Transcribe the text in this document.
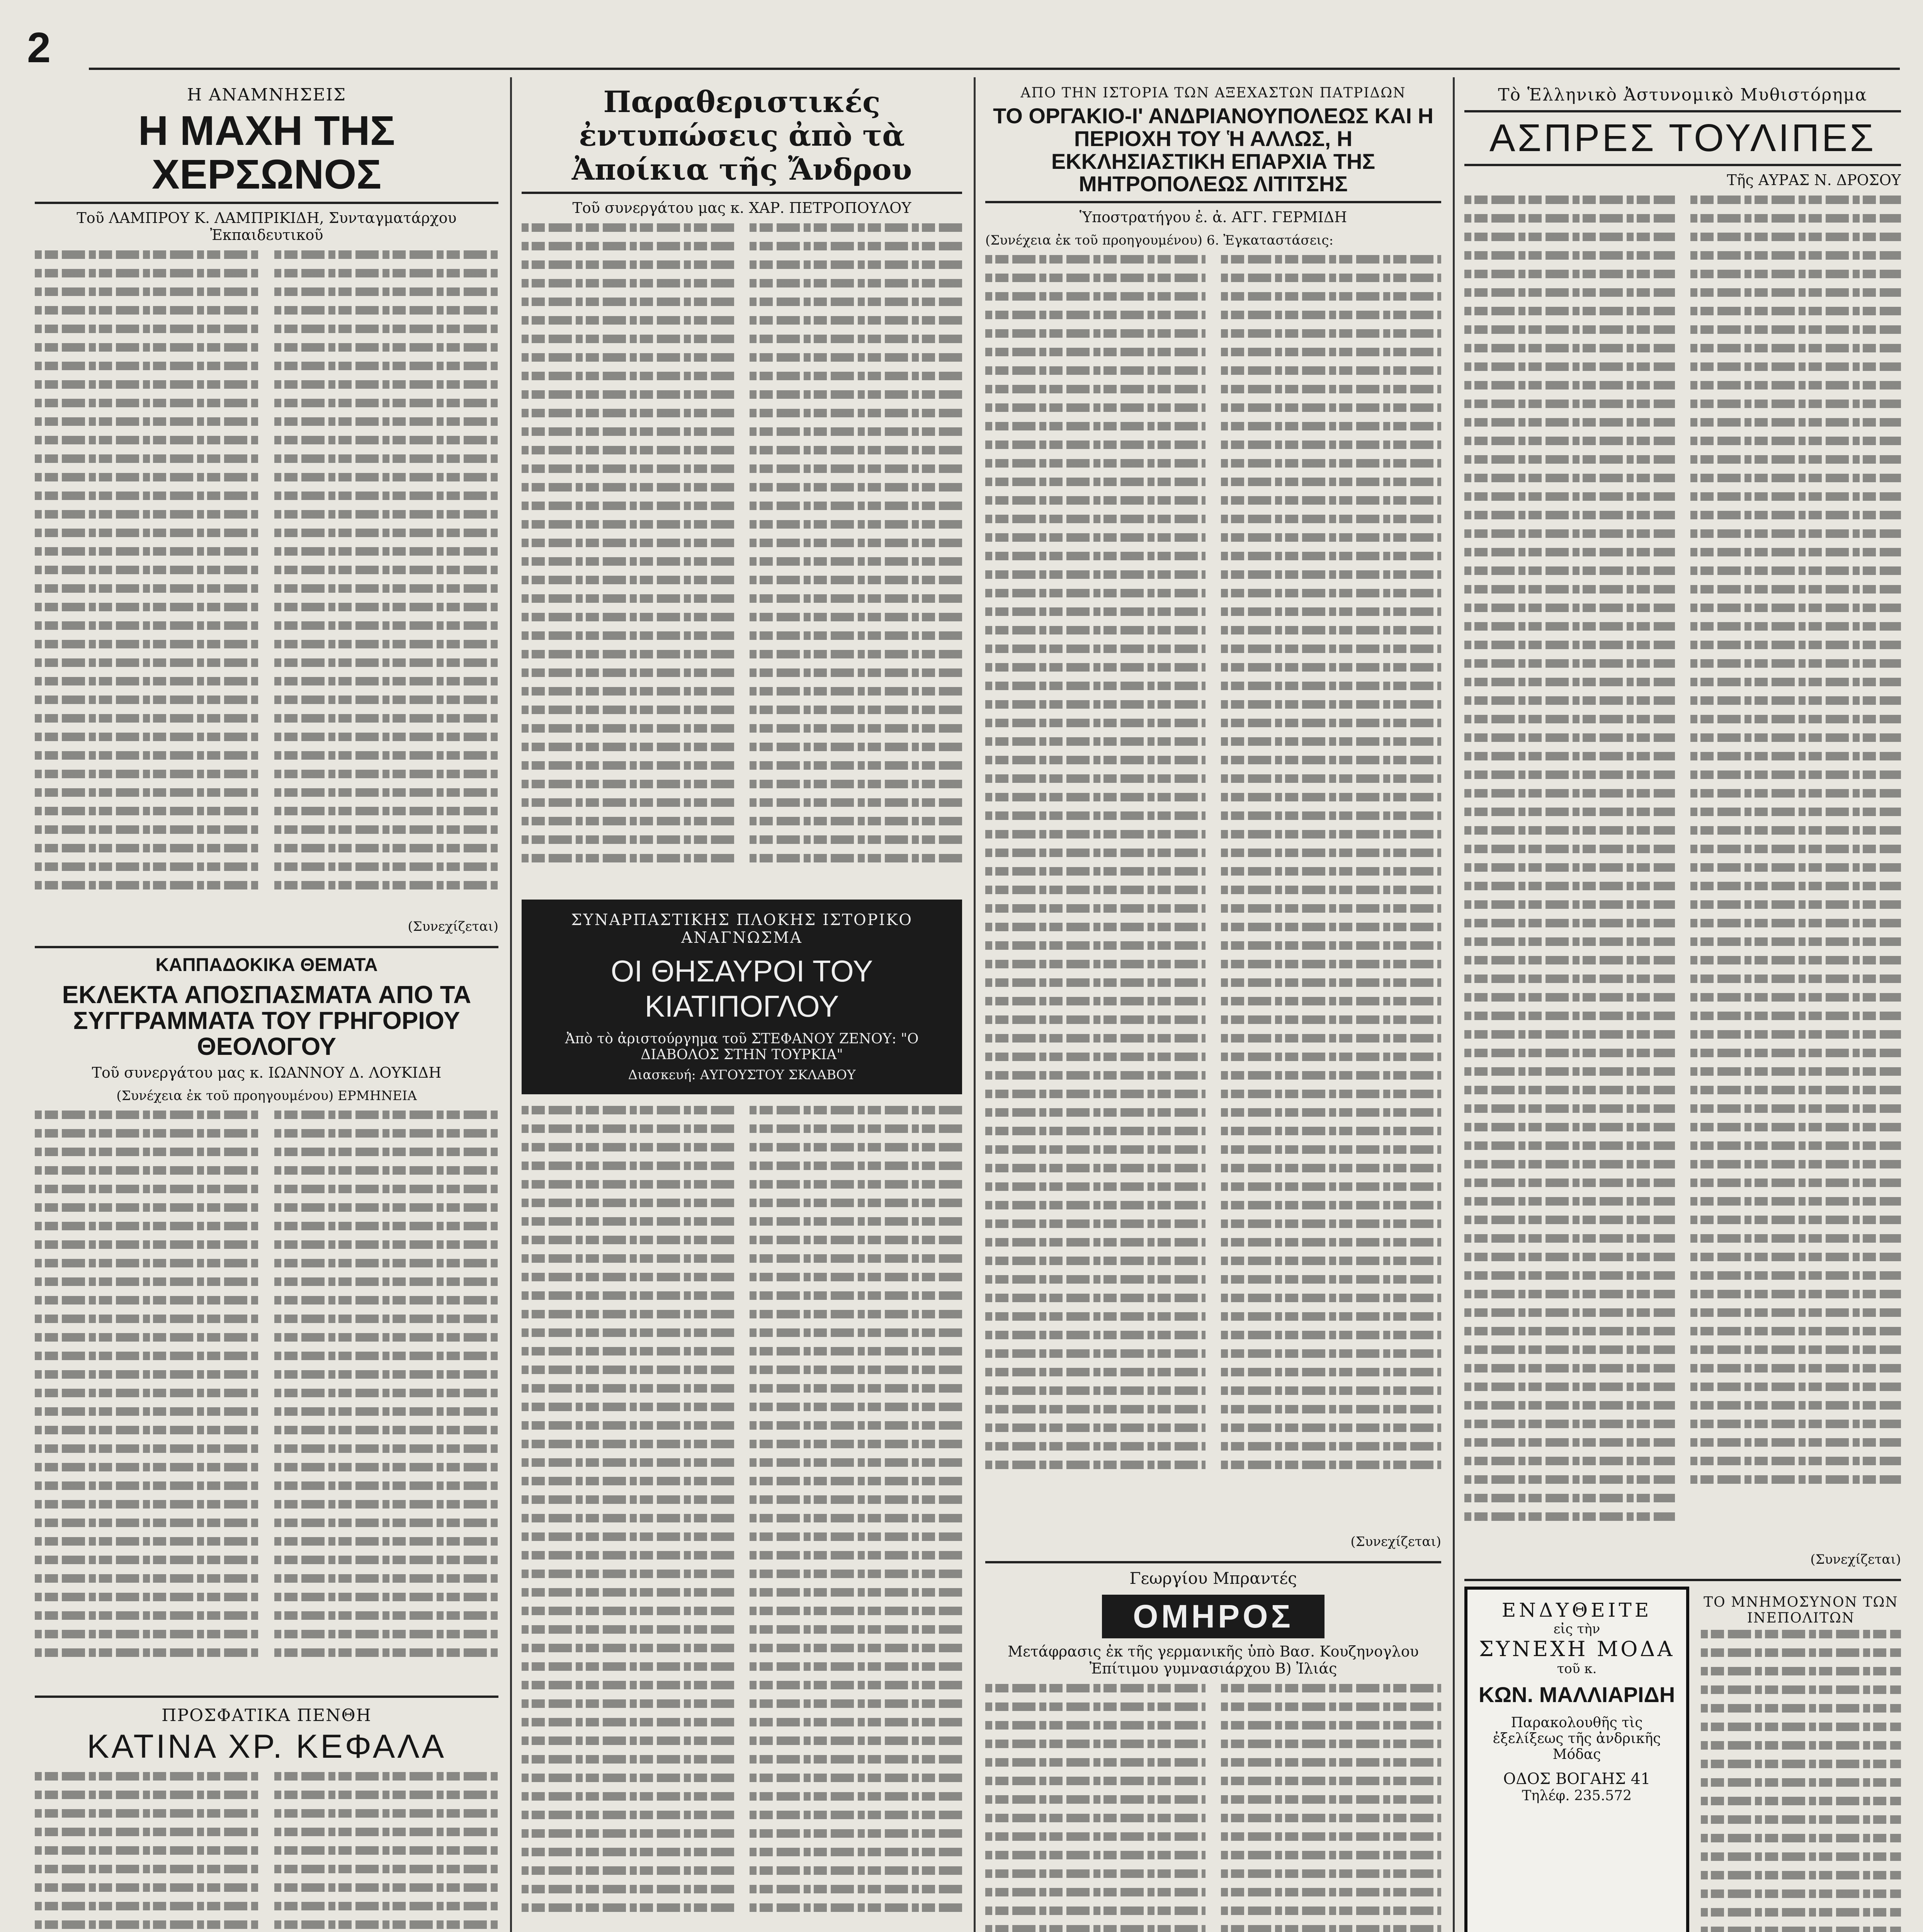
2
Η ΑΝΑΜΝΗΣΕΙΣ
Η ΜΑΧΗ ΤΗΣ ΧΕΡΣΩΝΟΣ
Τοῦ ΛΑΜΠΡΟΥ Κ. ΛΑΜΠΡΙΚΙΔΗ, Συνταγματάρχου Ἐκπαιδευτικοῦ
(Συνεχίζεται)
ΚΑΠΠΑΔΟΚΙΚΑ ΘΕΜΑΤΑ
ΕΚΛΕΚΤΑ ΑΠΟΣΠΑΣΜΑΤΑ ΑΠΟ ΤΑ ΣΥΓΓΡΑΜΜΑΤΑ ΤΟΥ ΓΡΗΓΟΡΙΟΥ ΘΕΟΛΟΓΟΥ
Τοῦ συνεργάτου μας κ. ΙΩΑΝΝΟΥ Δ. ΛΟΥΚΙΔΗ
(Συνέχεια ἐκ τοῦ προηγουμένου) ΕΡΜΗΝΕΙΑ
ΠΡΟΣΦΑΤΙΚΑ ΠΕΝΘΗ
ΚΑΤΙΝΑ ΧΡ. ΚΕΦΑΛΑ
Παραθεριστικές ἐντυπώσεις ἀπὸ τὰ Ἀποίκια τῆς Ἄνδρου
Τοῦ συνεργάτου μας κ. ΧΑΡ. ΠΕΤΡΟΠΟΥΛΟΥ
ΣΥΝΑΡΠΑΣΤΙΚΗΣ ΠΛΟΚΗΣ ΙΣΤΟΡΙΚΟ ΑΝΑΓΝΩΣΜΑ
ΟΙ ΘΗΣΑΥΡΟΙ ΤΟΥ ΚΙΑΤΙΠΟΓΛΟΥ
Ἀπὸ τὸ ἀριστούργημα τοῦ ΣΤΕΦΑΝΟΥ ΖΕΝΟΥ: "Ο ΔΙΑΒΟΛΟΣ ΣΤΗΝ ΤΟΥΡΚΙΑ"
Διασκευή: ΑΥΓΟΥΣΤΟΥ ΣΚΛΑΒΟΥ
ΑΠΟ ΤΗΝ ΙΣΤΟΡΙΑ ΤΩΝ ΑΞΕΧΑΣΤΩΝ ΠΑΤΡΙΔΩΝ
ΤΟ ΟΡΓΑΚΙΟ-Ι' ΑΝΔΡΙΑΝΟΥΠΟΛΕΩΣ ΚΑΙ Η ΠΕΡΙΟΧΗ ΤΟΥ Ἡ ΑΛΛΩΣ, Η ΕΚΚΛΗΣΙΑΣΤΙΚΗ ΕΠΑΡΧΙΑ ΤΗΣ ΜΗΤΡΟΠΟΛΕΩΣ ΛΙΤΙΤΣΗΣ
Ὑποστρατήγου ἐ. ἀ. ΑΓΓ. ΓΕΡΜΙΔΗ
(Συνέχεια ἐκ τοῦ προηγουμένου) 6. Ἐγκαταστάσεις:
(Συνεχίζεται)
Γεωργίου Μπραντές
ΟΜΗΡΟΣ
Μετάφρασις ἐκ τῆς γερμανικῆς ὑπὸ Βασ. Κουζηνογλου Ἐπίτιμου γυμνασιάρχου Β) Ἰλιάς
Τὸ Ἑλληνικὸ Ἀστυνομικὸ Μυθιστόρημα
ΑΣΠΡΕΣ ΤΟΥΛΙΠΕΣ
Τῆς ΑΥΡΑΣ Ν. ΔΡΟΣΟΥ
(Συνεχίζεται)
ΕΝΔΥΘΕΙΤΕ
εἰς τὴν
ΣΥΝΕΧΗ ΜΟΔΑ
τοῦ κ.
ΚΩΝ. ΜΑΛΛΙΑΡΙΔΗ
Παρακολουθῆς τὶς ἐξελίξεως τῆς ἀνδρικῆς Μόδας
ΟΔΟΣ ΒΟΓΑΗΣ 41
Τηλέφ. 235.572
ΤΟ ΜΝΗΜΟΣΥΝΟΝ ΤΩΝ ΙΝΕΠΟΛΙΤΩΝ
